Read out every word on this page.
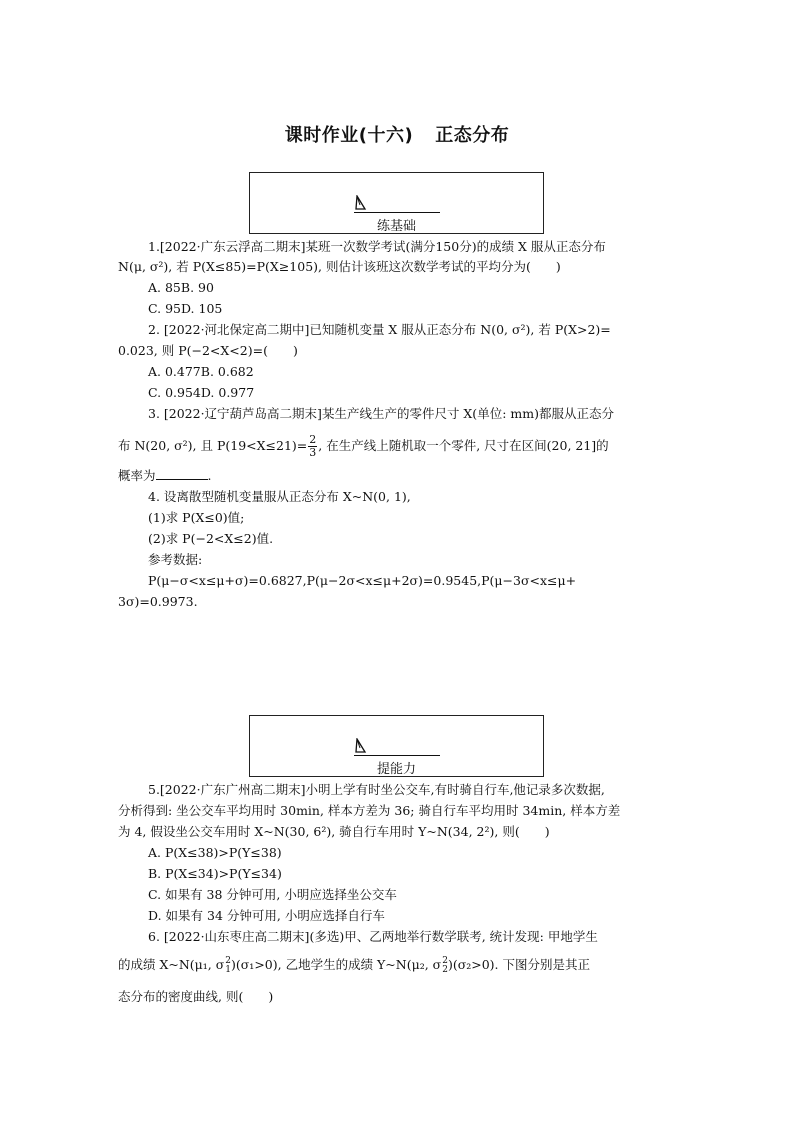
课时作业(十六) 正态分布
练基础
1.[2022·广东云浮高二期末]某班一次数学考试(满分150分)的成绩 X 服从正态分布
N(μ, σ²), 若 P(X≤85)=P(X≥105), 则估计该班这次数学考试的平均分为(　　)
A. 85B. 90
C. 95D. 105
2. [2022·河北保定高二期中]已知随机变量 X 服从正态分布 N(0, σ²), 若 P(X>2)=
0.023, 则 P(−2<X<2)=(　　)
A. 0.477B. 0.682
C. 0.954D. 0.977
3. [2022·辽宁葫芦岛高二期末]某生产线生产的零件尺寸 X(单位: mm)都服从正态分
布 N(20, σ²), 且 $P(19<X\le 21)= \frac{2}{3}$ , 在生产线上随机取一个零件, 尺寸在区间(20, 21]的
概率为	.
4. 设离散型随机变量服从正态分布 X~N(0, 1),
(1)求 P(X≤0)值;
(2)求 P(−2<X≤2)值.
参考数据:
P(μ−σ<x≤μ+σ)=0.6827,P(μ−2σ<x≤μ+2σ)=0.9545,P(μ−3σ<x≤μ+
3σ)=0.9973.
提能力
5.[2022·广东广州高二期末]小明上学有时坐公交车,有时骑自行车,他记录多次数据,
分析得到: 坐公交车平均用时 30min, 样本方差为 36; 骑自行车平均用时 34min, 样本方差
为 4, 假设坐公交车用时 X~N(30, 6²), 骑自行车用时 Y~N(34, 2²), 则(　　)
A. P(X≤38)>P(Y≤38)
B. P(X≤34)>P(Y≤34)
C. 如果有 38 分钟可用, 小明应选择坐公交车
D. 如果有 34 分钟可用, 小明应选择自行车
6. [2022·山东枣庄高二期末](多选)甲、乙两地举行数学联考, 统计发现: 甲地学生
的成绩 X~N(μ₁, σ 2
1 )(σ₁>0), 乙地学生的成绩 Y~N(μ₂, σ 2
2 )(σ₂>0). 下图分别是其正
态分布的密度曲线, 则(　　)
